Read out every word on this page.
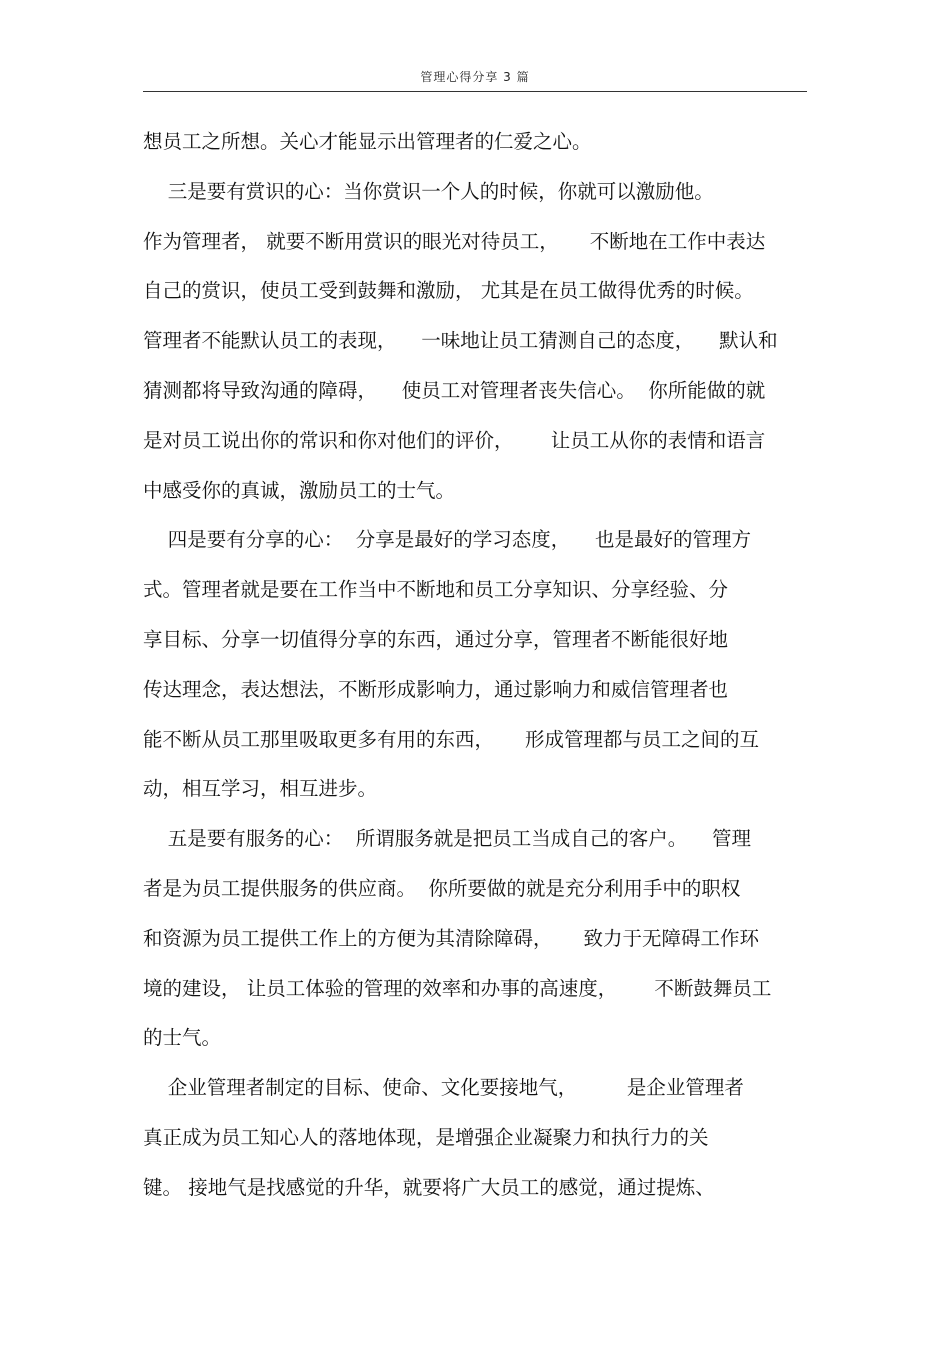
管理心得分享 3 篇
想员工之所想。关心才能显示出管理者的仁爱之心。
三是要有赏识的心：当你赏识一个人的时候，你就可以激励他。
作为管理者， 就要不断用赏识的眼光对待员工，     不断地在工作中表达
自己的赏识，使员工受到鼓舞和激励， 尤其是在员工做得优秀的时候。
管理者不能默认员工的表现，    一味地让员工猜测自己的态度，    默认和
猜测都将导致沟通的障碍，    使员工对管理者丧失信心。  你所能做的就
是对员工说出你的常识和你对他们的评价，      让员工从你的表情和语言
中感受你的真诚，激励员工的士气。
四是要有分享的心：  分享是最好的学习态度，    也是最好的管理方
式。管理者就是要在工作当中不断地和员工分享知识、分享经验、分
享目标、分享一切值得分享的东西，通过分享，管理者不断能很好地
传达理念，表达想法，不断形成影响力，通过影响力和威信管理者也
能不断从员工那里吸取更多有用的东西，     形成管理都与员工之间的互
动，相互学习，相互进步。
五是要有服务的心：  所谓服务就是把员工当成自己的客户。    管理
者是为员工提供服务的供应商。  你所要做的就是充分利用手中的职权
和资源为员工提供工作上的方便为其清除障碍，     致力于无障碍工作环
境的建设， 让员工体验的管理的效率和办事的高速度，      不断鼓舞员工
的士气。
企业管理者制定的目标、使命、文化要接地气，        是企业管理者
真正成为员工知心人的落地体现，是增强企业凝聚力和执行力的关
键。 接地气是找感觉的升华，就要将广大员工的感觉，通过提炼、
